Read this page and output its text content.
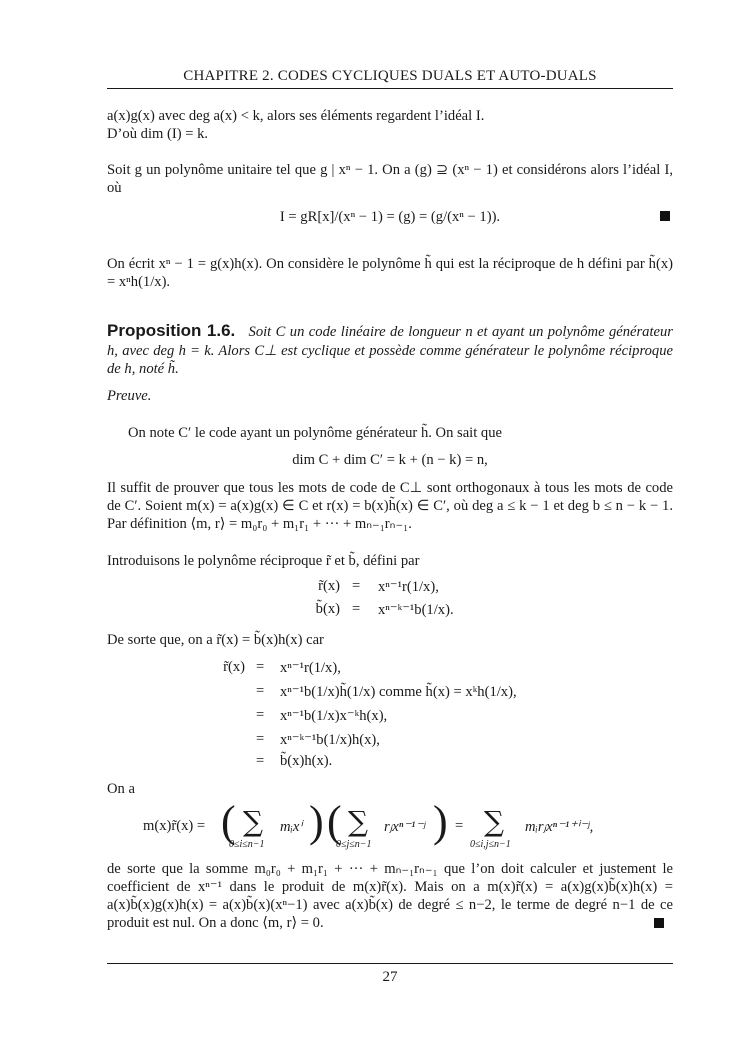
CHAPITRE 2. CODES CYCLIQUES DUALS ET AUTO-DUALS
a(x)g(x) avec deg a(x) < k, alors ses éléments regardent l’idéal I.
D’où dim (I) = k.
Soit g un polynôme unitaire tel que g | xⁿ − 1. On a (g) ⊇ (xⁿ − 1) et considérons alors l’idéal I, où
I = gR[x]/(xⁿ − 1) = (g) = (g/(xⁿ − 1)).
On écrit xⁿ − 1 = g(x)h(x). On considère le polynôme h̃ qui est la réciproque de h défini par h̃(x) = xⁿh(1/x).
Proposition 1.6. Soit C un code linéaire de longueur n et ayant un polynôme générateur h, avec deg h = k. Alors C⊥ est cyclique et possède comme générateur le polynôme réciproque de h, noté h̃.
Preuve.
On note C′ le code ayant un polynôme générateur h̃. On sait que
dim C + dim C′ = k + (n − k) = n,
Il suffit de prouver que tous les mots de code de C⊥ sont orthogonaux à tous les mots de code de C′. Soient m(x) = a(x)g(x) ∈ C et r(x) = b(x)h̃(x) ∈ C′, où deg a ≤ k − 1 et deg b ≤ n − k − 1. Par définition ⟨m, r⟩ = m₀r₀ + m₁r₁ + ··· + mₙ₋₁rₙ₋₁.
Introduisons le polynôme réciproque r̃ et b̃, défini par
r̃(x) = xⁿ⁻¹r(1/x),
b̃(x) = xⁿ⁻ᵏ⁻¹b(1/x).
De sorte que, on a r̃(x) = b̃(x)h(x) car
r̃(x) = xⁿ⁻¹r(1/x),
= xⁿ⁻¹b(1/x)h̃(1/x) comme h̃(x) = xᵏh(1/x),
= xⁿ⁻¹b(1/x)x⁻ᵏh(x),
= xⁿ⁻ᵏ⁻¹b(1/x)h(x),
= b̃(x)h(x).
On a
m(x)r̃(x) = ( ∑
0≤i≤n−1
mᵢxⁱ ) ( ∑
0≤j≤n−1
rⱼxⁿ⁻¹⁻ʲ ) = ∑
0≤i,j≤n−1
mᵢrⱼxⁿ⁻¹⁺ⁱ⁻ʲ,
de sorte que la somme m₀r₀ + m₁r₁ + ··· + mₙ₋₁rₙ₋₁ que l’on doit calculer et justement le coefficient de xⁿ⁻¹ dans le produit de m(x)r̃(x). Mais on a m(x)r̃(x) = a(x)g(x)b̃(x)h(x) = a(x)b̃(x)g(x)h(x) = a(x)b̃(x)(xⁿ−1) avec a(x)b̃(x) de degré ≤ n−2, le terme de degré n−1 de ce produit est nul. On a donc ⟨m, r⟩ = 0.
27
